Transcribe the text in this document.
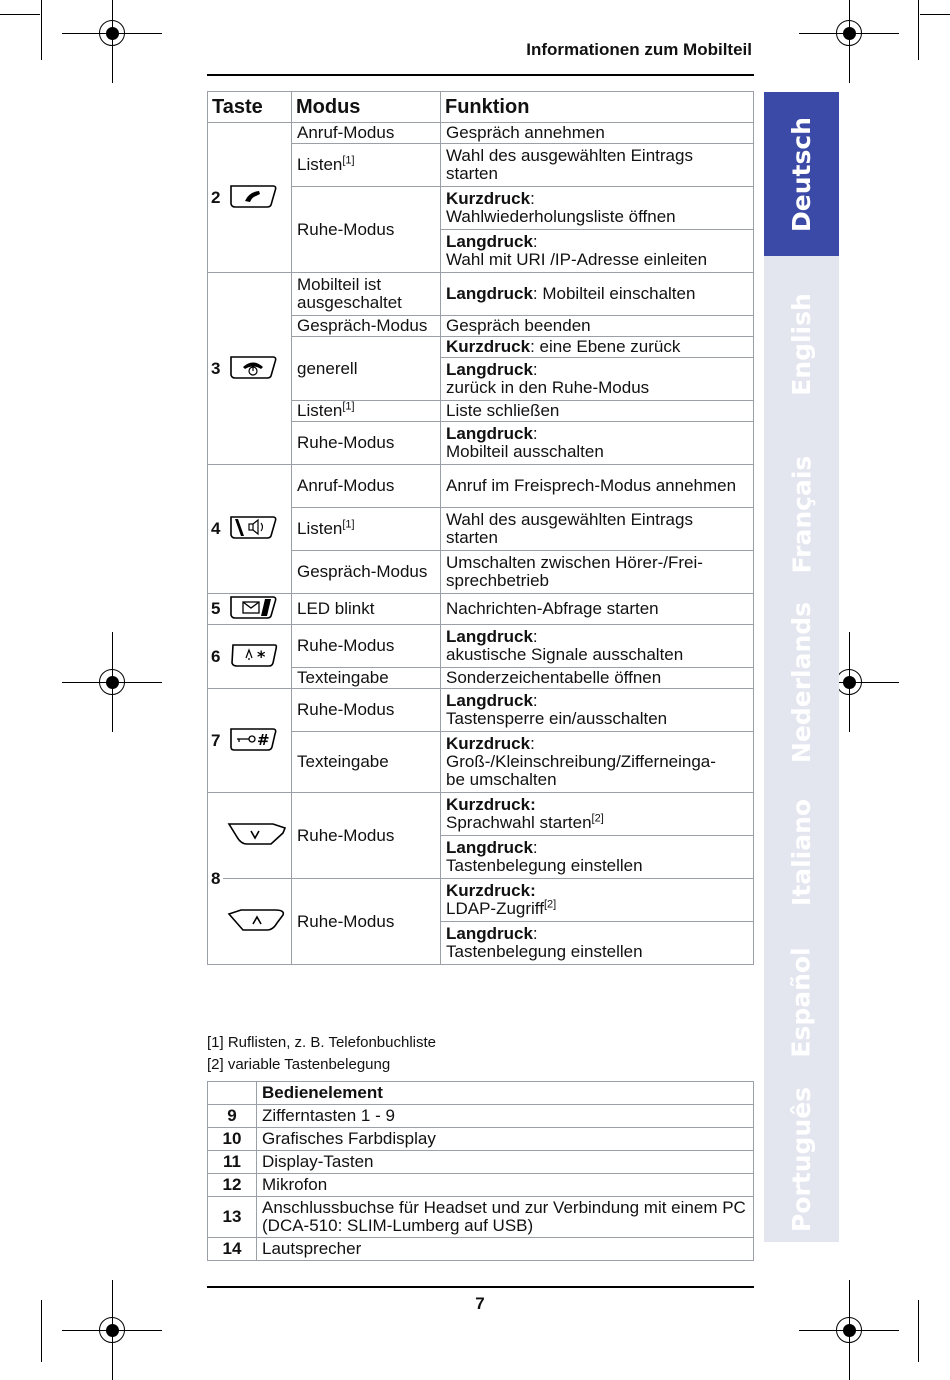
Informationen zum Mobilteil
Taste		Modus	Funktion
2		Anruf-Modus	Gespräch annehmen
		Listen[1]	Wahl des ausgewählten Eintrags starten
		Ruhe-Modus	Kurzdruck:
Wahlwiederholungsliste öffnen
			Langdruck:
Wahl mit URI /IP-Adresse einleiten
3		Mobilteil ist ausgeschaltet	Langdruck: Mobilteil einschalten
		Gespräch-Modus	Gespräch beenden
		generell	Kurzdruck: eine Ebene zurück
			Langdruck:
zurück in den Ruhe-Modus
		Listen[1]	Liste schließen
		Ruhe-Modus	Langdruck:
Mobilteil ausschalten
4		Anruf-Modus	Anruf im Freisprech-Modus annehmen
		Listen[1]	Wahl des ausgewählten Eintrags starten
		Gespräch-Modus	Umschalten zwischen Hörer-/Frei-
sprechbetrieb
5		LED blinkt	Nachrichten-Abfrage starten
6	*	Ruhe-Modus	Langdruck:
akustische Signale ausschalten
		Texteingabe	Sonderzeichentabelle öffnen
7	#	Ruhe-Modus	Langdruck:
Tastensperre ein/ausschalten
		Texteingabe	Kurzdruck:
Groß-/Kleinschreibung/Zifferneinga-
be umschalten
8		Ruhe-Modus	Kurzdruck:
Sprachwahl starten[2]
			Langdruck:
Tastenbelegung einstellen
	Ruhe-Modus	Kurzdruck:
LDAP-Zugriff[2]
			Langdruck:
Tastenbelegung einstellen
[1] Ruflisten, z. B. Telefonbuchliste
[2] variable Tastenbelegung
	Bedienelement
9	Zifferntasten 1 - 9
10	Grafisches Farbdisplay
11	Display-Tasten
12	Mikrofon
13	Anschlussbuchse für Headset und zur Verbindung mit einem PC (DCA-510: SLIM-Lumberg auf USB)
14	Lautsprecher
Deutsch
English
Français
Nederlands
Italiano
Español
Português
7
